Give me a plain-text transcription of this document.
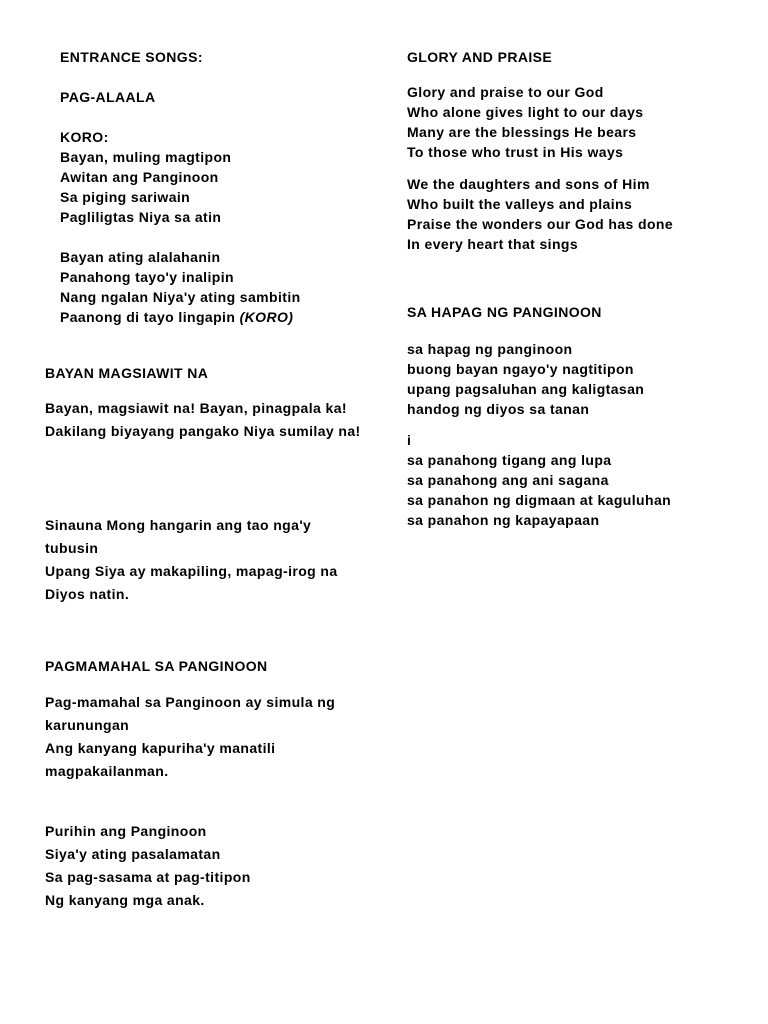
ENTRANCE SONGS:
PAG-ALAALA
KORO:
Bayan, muling magtipon
Awitan ang Panginoon
Sa piging sariwain
Pagliligtas Niya sa atin
Bayan ating alalahanin
Panahong tayo'y inalipin
Nang ngalan Niya'y ating sambitin
Paanong di tayo lingapin (KORO)
BAYAN MAGSIAWIT NA
Bayan, magsiawit na! Bayan, pinagpala ka!
Dakilang biyayang pangako Niya sumilay na!
Sinauna Mong hangarin ang tao nga'y tubusin
Upang Siya ay makapiling, mapag-irog na Diyos natin.
PAGMAMAHAL SA PANGINOON
Pag-mamahal sa Panginoon ay simula ng karunungan
Ang kanyang kapuriha'y manatili magpakailanman.
Purihin ang Panginoon
Siya'y ating pasalamatan
Sa pag-sasama at pag-titipon
Ng kanyang mga anak.
GLORY AND PRAISE
Glory and praise to our God
Who alone gives light to our days
Many are the blessings He bears
To those who trust in His ways
We the daughters and sons of Him
Who built the valleys and plains
Praise the wonders our God has done
In every heart that sings
SA HAPAG NG PANGINOON
sa hapag ng panginoon
buong bayan ngayo'y nagtitipon
upang pagsaluhan ang kaligtasan
handog ng diyos sa tanan
i
sa panahong tigang ang lupa
sa panahong ang ani sagana
sa panahon ng digmaan at kaguluhan
sa panahon ng kapayapaan
